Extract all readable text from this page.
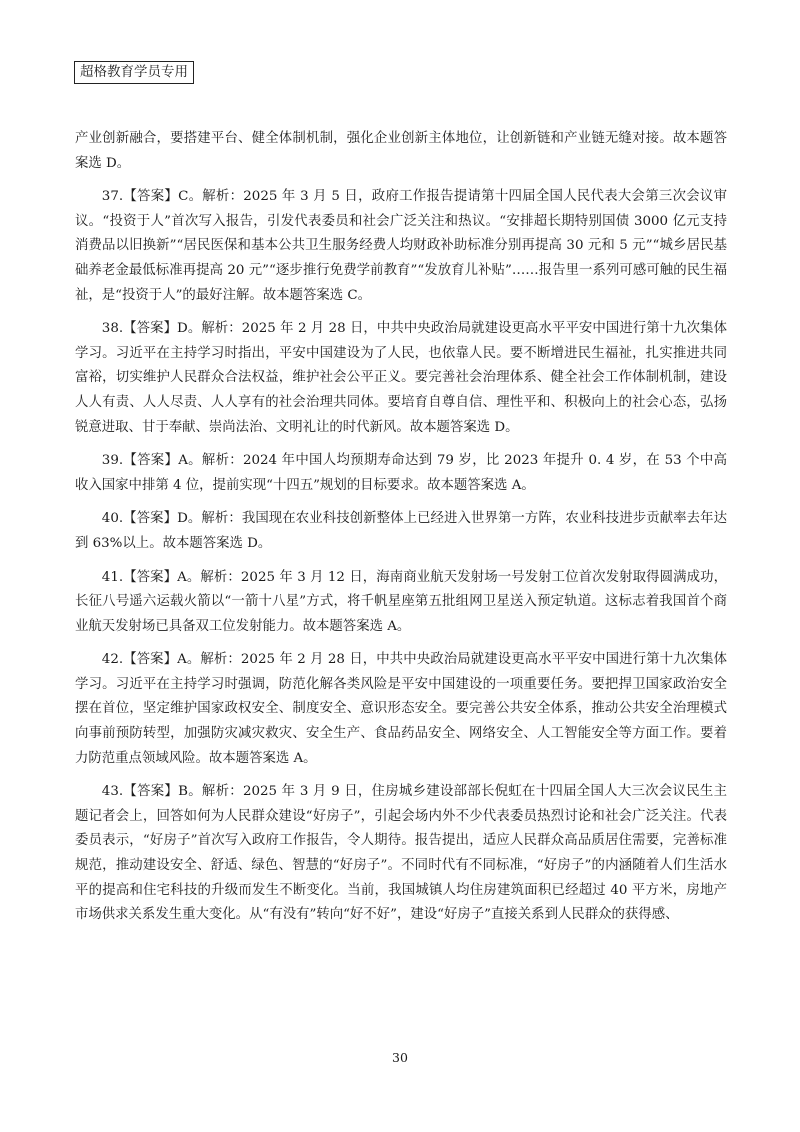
超格教育学员专用

产业创新融合，要搭建平台、健全体制机制，强化企业创新主体地位，让创新链和产业链无缝对接。故本题答案选 D。

37.【答案】C。解析：2025 年 3 月 5 日，政府工作报告提请第十四届全国人民代表大会第三次会议审议。“投资于人”首次写入报告，引发代表委员和社会广泛关注和热议。“安排超长期特别国债 3000 亿元支持消费品以旧换新”“居民医保和基本公共卫生服务经费人均财政补助标准分别再提高 30 元和 5 元”“城乡居民基础养老金最低标准再提高 20 元”“逐步推行免费学前教育”“发放育儿补贴”……报告里一系列可感可触的民生福祉，是“投资于人”的最好注解。故本题答案选 C。

38.【答案】D。解析：2025 年 2 月 28 日，中共中央政治局就建设更高水平平安中国进行第十九次集体学习。习近平在主持学习时指出，平安中国建设为了人民，也依靠人民。要不断增进民生福祉，扎实推进共同富裕，切实维护人民群众合法权益，维护社会公平正义。要完善社会治理体系、健全社会工作体制机制，建设人人有责、人人尽责、人人享有的社会治理共同体。要培育自尊自信、理性平和、积极向上的社会心态，弘扬锐意进取、甘于奉献、崇尚法治、文明礼让的时代新风。故本题答案选 D。

39.【答案】A。解析：2024 年中国人均预期寿命达到 79 岁，比 2023 年提升 0. 4 岁，在 53 个中高收入国家中排第 4 位，提前实现“十四五”规划的目标要求。故本题答案选 A。

40.【答案】D。解析：我国现在农业科技创新整体上已经进入世界第一方阵，农业科技进步贡献率去年达到 63%以上。故本题答案选 D。

41.【答案】A。解析：2025 年 3 月 12 日，海南商业航天发射场一号发射工位首次发射取得圆满成功，长征八号遥六运载火箭以“一箭十八星”方式，将千帆星座第五批组网卫星送入预定轨道。这标志着我国首个商业航天发射场已具备双工位发射能力。故本题答案选 A。

42.【答案】A。解析：2025 年 2 月 28 日，中共中央政治局就建设更高水平平安中国进行第十九次集体学习。习近平在主持学习时强调，防范化解各类风险是平安中国建设的一项重要任务。要把捍卫国家政治安全摆在首位，坚定维护国家政权安全、制度安全、意识形态安全。要完善公共安全体系，推动公共安全治理模式向事前预防转型，加强防灾减灾救灾、安全生产、食品药品安全、网络安全、人工智能安全等方面工作。要着力防范重点领域风险。故本题答案选 A。

43.【答案】B。解析：2025 年 3 月 9 日，住房城乡建设部部长倪虹在十四届全国人大三次会议民生主题记者会上，回答如何为人民群众建设“好房子”，引起会场内外不少代表委员热烈讨论和社会广泛关注。代表委员表示，“好房子”首次写入政府工作报告，令人期待。报告提出，适应人民群众高品质居住需要，完善标准规范，推动建设安全、舒适、绿色、智慧的“好房子”。不同时代有不同标准，“好房子”的内涵随着人们生活水平的提高和住宅科技的升级而发生不断变化。当前，我国城镇人均住房建筑面积已经超过 40 平方米，房地产市场供求关系发生重大变化。从“有没有”转向“好不好”，建设“好房子”直接关系到人民群众的获得感、

30
